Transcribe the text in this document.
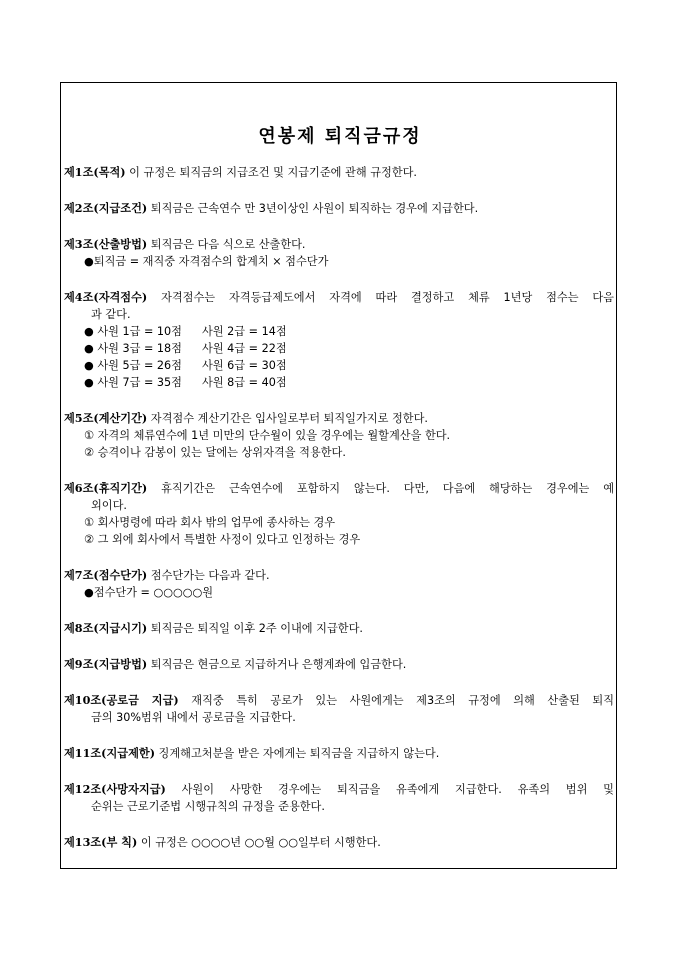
연봉제 퇴직금규정
제1조(목적) 이 규정은 퇴직금의 지급조건 및 지급기준에 관해 규정한다.
제2조(지급조건) 퇴직금은 근속연수 만 3년이상인 사원이 퇴직하는 경우에 지급한다.
제3조(산출방법) 퇴직금은 다음 식으로 산출한다.
●퇴직금 = 재직중 자격점수의 합계치 × 점수단가
제4조(자격점수) 자격점수는 자격등급제도에서 자격에 따라 결정하고 체류 1년당 점수는 다음
과 같다.
● 사원 1급 = 10점 사원 2급 = 14점
● 사원 3급 = 18점 사원 4급 = 22점
● 사원 5급 = 26점 사원 6급 = 30점
● 사원 7급 = 35점 사원 8급 = 40점
제5조(계산기간) 자격점수 계산기간은 입사일로부터 퇴직일가지로 정한다.
① 자격의 체류연수에 1년 미만의 단수월이 있을 경우에는 월할계산을 한다.
② 승격이나 감봉이 있는 달에는 상위자격을 적용한다.
제6조(휴직기간) 휴직기간은 근속연수에 포함하지 않는다. 다만, 다음에 해당하는 경우에는 예
외이다.
① 회사명령에 따라 회사 밖의 업무에 종사하는 경우
② 그 외에 회사에서 특별한 사정이 있다고 인정하는 경우
제7조(점수단가) 점수단가는 다음과 같다.
●점수단가 = ○○○○○원
제8조(지급시기) 퇴직금은 퇴직일 이후 2주 이내에 지급한다.
제9조(지급방법) 퇴직금은 현금으로 지급하거나 은행계좌에 입금한다.
제10조(공로금 지급) 재직중 특히 공로가 있는 사원에게는 제3조의 규정에 의해 산출된 퇴직
금의 30%범위 내에서 공로금을 지급한다.
제11조(지급제한) 징계해고처분을 받은 자에게는 퇴직금을 지급하지 않는다.
제12조(사망자지급) 사원이 사망한 경우에는 퇴직금을 유족에게 지급한다. 유족의 범위 및
순위는 근로기준법 시행규칙의 규정을 준용한다.
제13조(부 칙) 이 규정은 ○○○○년 ○○월 ○○일부터 시행한다.
